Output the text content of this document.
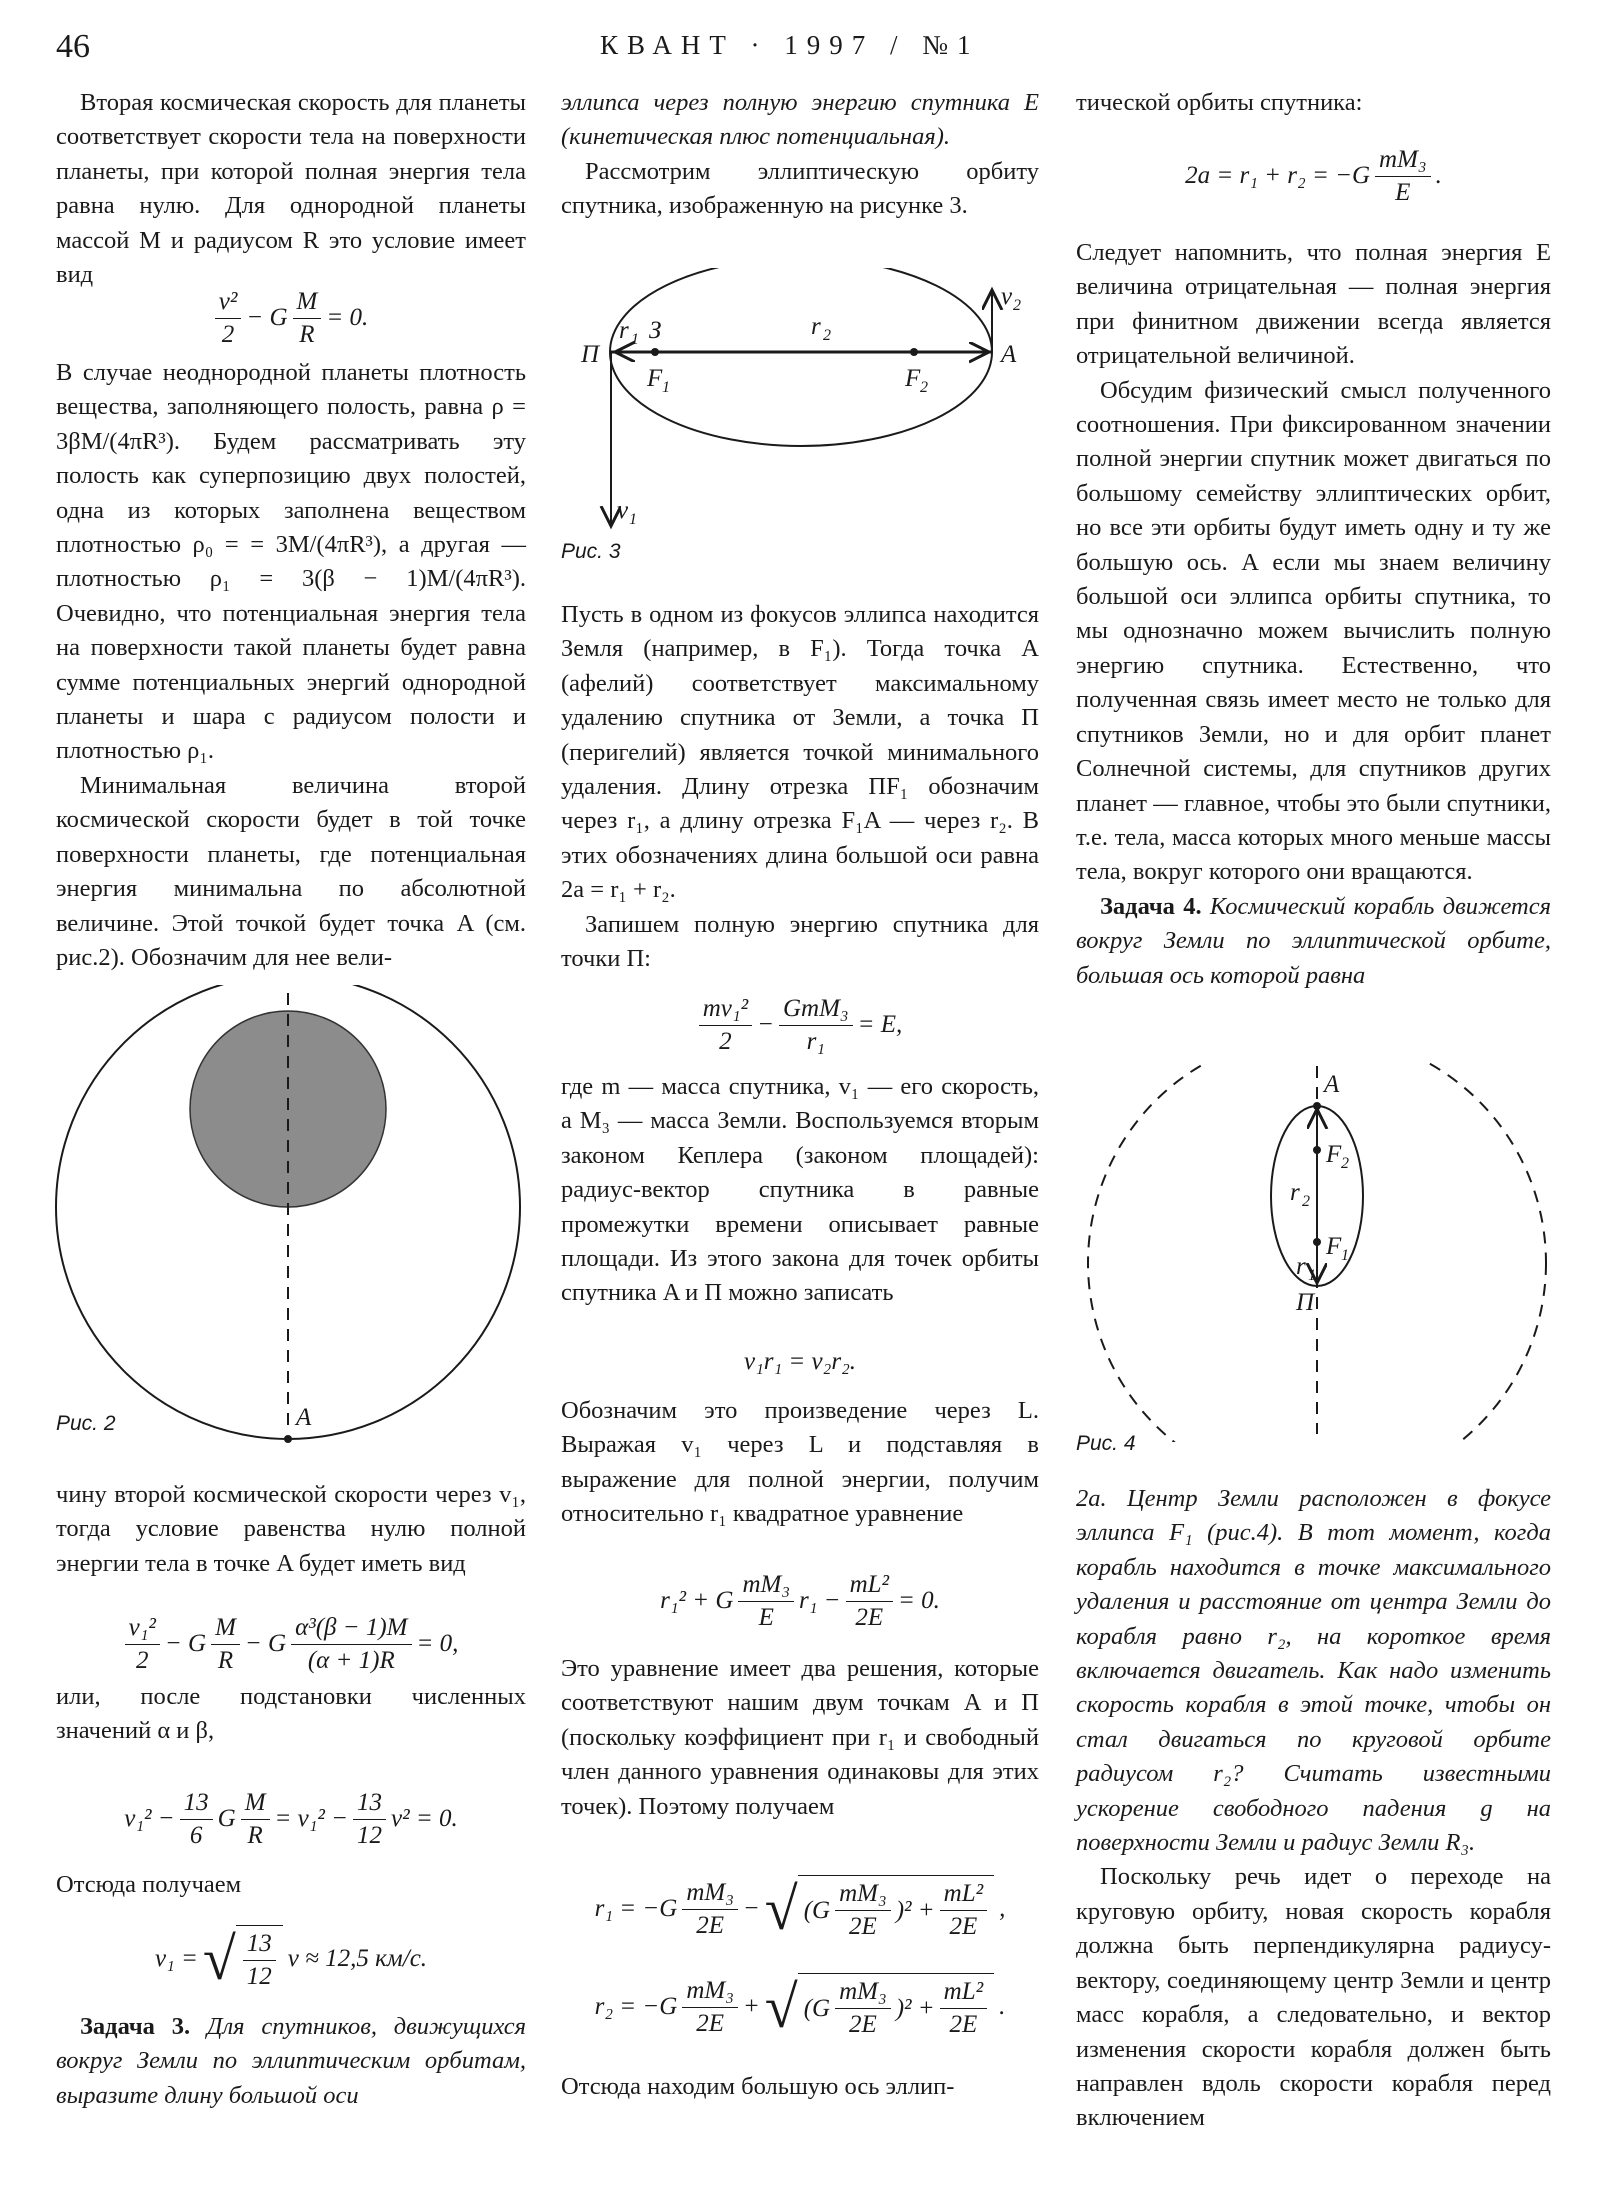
46	КВАНТ · 1997 / №1

Вторая космическая скорость для планеты соответствует скорости тела на поверхности планеты, при которой полная энергия тела равна нулю. Для однородной планеты массой M и радиусом R это условие имеет вид

$\frac{\text{v²}}{2} - G \frac{M}{R} = 0$.

В случае неоднородной планеты плотность вещества, заполняющего полость, равна ρ = 3βM/(4πR³). Будем рассматривать эту полость как суперпозицию двух полостей, одна из которых заполнена веществом плотностью ρ₀ = = 3M/(4πR³), а другая — плотностью ρ₁ = 3(β − 1)M/(4πR³). Очевидно, что потенциальная энергия тела на поверхности такой планеты будет равна сумме потенциальных энергий однородной планеты и шара с радиусом полости и плотностью ρ₁.

Минимальная величина второй космической скорости будет в той точке поверхности планеты, где потенциальная энергия минимальна по абсолютной величине. Этой точкой будет точка A (см. рис.2). Обозначим для нее вели-

A
Рис. 2

чину второй космической скорости через v₁, тогда условие равенства нулю полной энергии тела в точке A будет иметь вид

$\frac{\text{v₁²}}{2} - G \frac{M}{R} - G \frac{\text{α³(β − 1)M}}{(\alpha + 1)R} = 0$,

или, после подстановки численных значений α и β,

$v_1^2 - \frac{13}{6}$ G $\frac{M}{R} = v_1^2 - \frac{13}{12} v^2 = 0$.

Отсюда получаем

v₁ = √ $\frac{13}{12}$ v ≈ 12,5 км/с.

Задача 3. Для спутников, движущихся вокруг Земли по эллиптическим орбитам, выразите длину большой оси

эллипса через полную энергию спутника E (кинетическая плюс потенциальная).

Рассмотрим эллиптическую орбиту спутника, изображенную на рисунке 3.

П	A
З
r 1	r 2
F 1	F 2
v 1
v 2
Рис. 3

Пусть в одном из фокусов эллипса находится Земля (например, в F₁). Тогда точка A (афелий) соответствует максимальному удалению спутника от Земли, а точка П (перигелий) является точкой минимального удаления. Длину отрезка ПF₁ обозначим через r₁, а длину отрезка F₁A — через r₂. В этих обозначениях длина большой оси равна 2a = r₁ + r₂.

Запишем полную энергию спутника для точки П:

$\frac{\text{mv₁²}}{2} - \frac{\text{GmM₃}}{\text{r₁}} = E$,

где m — масса спутника, v₁ — его скорость, а M₃ — масса Земли. Воспользуемся вторым законом Кеплера (законом площадей): радиус-вектор спутника в равные промежутки времени описывает равные площади. Из этого закона для точек орбиты спутника A и П можно записать

v₁r₁ = v₂r₂.

Обозначим это произведение через L. Выражая v₁ через L и подставляя в выражение для полной энергии, получим относительно r₁ квадратное уравнение

r₁² + G $\frac{\text{mM₃}}{E} r_1 - \frac{\text{mL²}}{2E} = 0$.

Это уравнение имеет два решения, которые соответствуют нашим двум точкам A и П (поскольку коэффициент при r₁ и свободный член данного уравнения одинаковы для этих точек). Поэтому получаем

$r_1 = -G \frac{\text{mM₃}}{2E}$ − √ $(G \frac{\text{mM₃}}{2E} )^2 + \frac{\text{mL²}}{2E}$ ,
$r_2 = -G \frac{\text{mM₃}}{2E}$ + √ $(G \frac{\text{mM₃}}{2E} )^2 + \frac{\text{mL²}}{2E}$ .

Отсюда находим большую ось эллип-

тической орбиты спутника:

$2a = r_1 + r_2 = -G \frac{\text{mM₃}}{E}$ .

Следует напомнить, что полная энергия E величина отрицательная — полная энергия при финитном движении всегда является отрицательной величиной.

Обсудим физический смысл полученного соотношения. При фиксированном значении полной энергии спутник может двигаться по большому семейству эллиптических орбит, но все эти орбиты будут иметь одну и ту же большую ось. А если мы знаем величину большой оси эллипса орбиты спутника, то мы однозначно можем вычислить полную энергию спутника. Естественно, что полученная связь имеет место не только для спутников Земли, но и для орбит планет Солнечной системы, для спутников других планет — главное, чтобы это были спутники, т.е. тела, масса которых много меньше массы тела, вокруг которого они вращаются.

Задача 4. Космический корабль движется вокруг Земли по эллиптической орбите, большая ось которой равна

A
П
F 2
F 1
r 2
r 1
Рис. 4

2a. Центр Земли расположен в фокусе эллипса F₁ (рис.4). В тот момент, когда корабль находится в точке максимального удаления и расстояние от центра Земли до корабля равно r₂, на короткое время включается двигатель. Как надо изменить скорость корабля в этой точке, чтобы он стал двигаться по круговой орбите радиусом r₂? Считать известными ускорение свободного падения g на поверхности Земли и радиус Земли R₃.

Поскольку речь идет о переходе на круговую орбиту, новая скорость корабля должна быть перпендикулярна радиусу-вектору, соединяющему центр Земли и центр масс корабля, а следовательно, и вектор изменения скорости корабля должен быть направлен вдоль скорости корабля перед включением
